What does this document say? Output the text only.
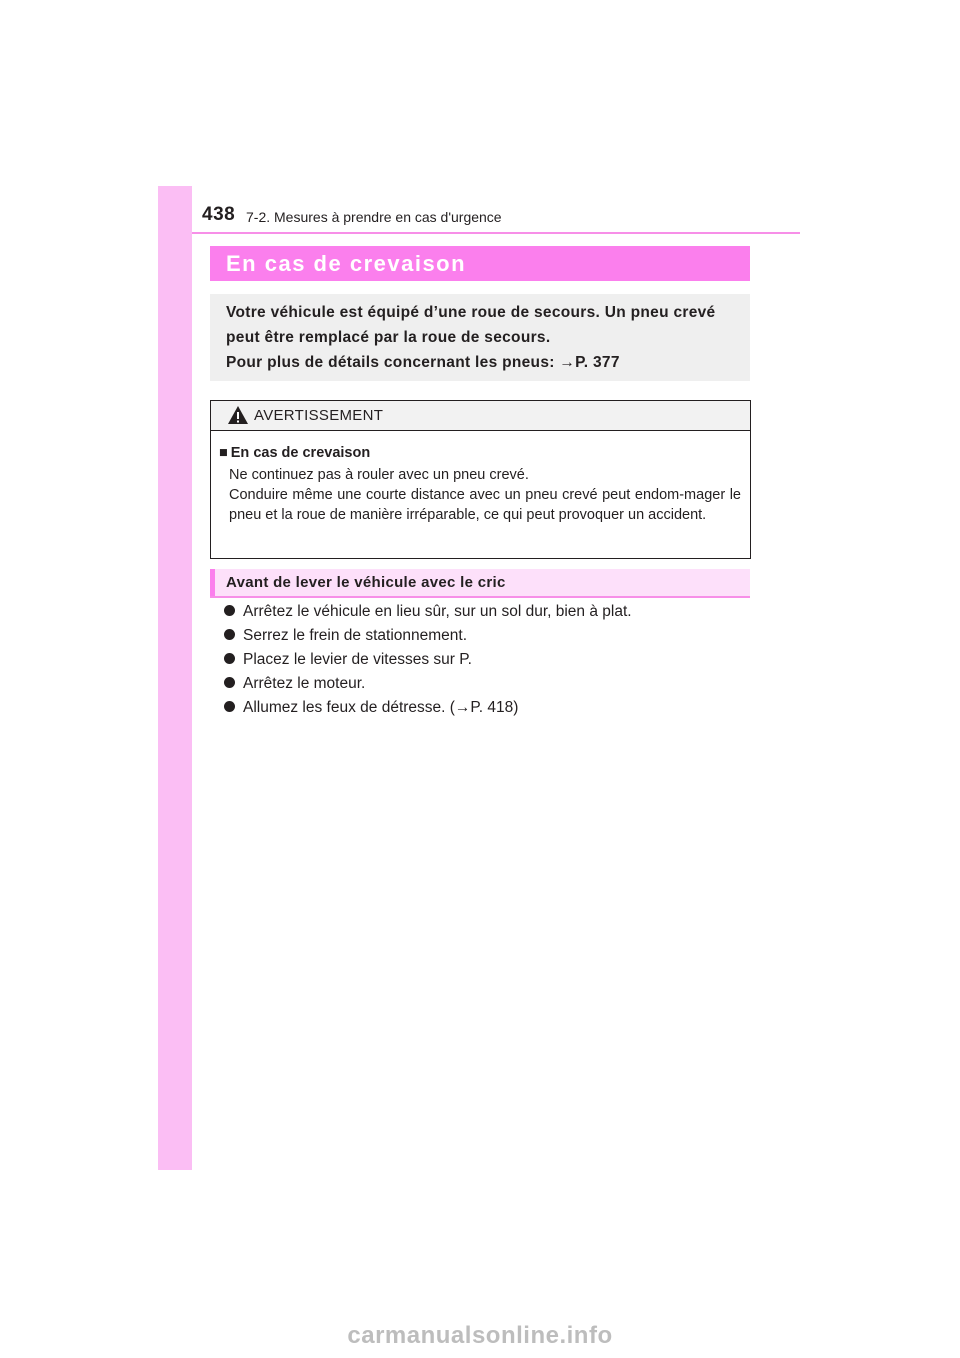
438 7-2. Mesures à prendre en cas d'urgence
En cas de crevaison
Votre véhicule est équipé d’une roue de secours. Un pneu crevé
peut être remplacé par la roue de secours.
Pour plus de détails concernant les pneus: →P. 377
AVERTISSEMENT
■ En cas de crevaison
Ne continuez pas à rouler avec un pneu crevé.
Conduire même une courte distance avec un pneu crevé peut endom-mager le pneu et la roue de manière irréparable, ce qui peut provoquer un accident.
Avant de lever le véhicule avec le cric
Arrêtez le véhicule en lieu sûr, sur un sol dur, bien à plat.
Serrez le frein de stationnement.
Placez le levier de vitesses sur P.
Arrêtez le moteur.
Allumez les feux de détresse. (→P. 418)
carmanualsonline.info
